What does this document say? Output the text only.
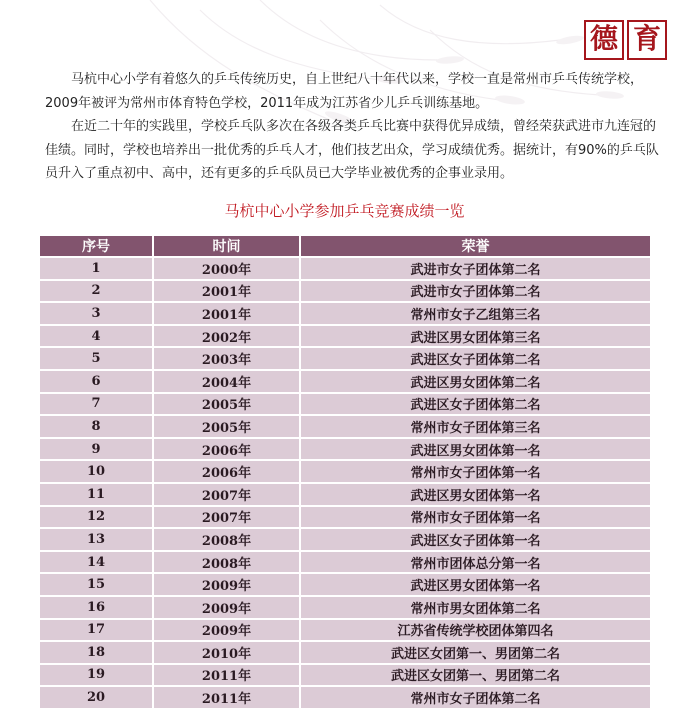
德 育

马杭中心小学有着悠久的乒乓传统历史，自上世纪八十年代以来，学校一直是常州市乒乓传统学校，2009年被评为常州市体育特色学校，2011年成为江苏省少儿乒乓训练基地。

在近二十年的实践里，学校乒乓队多次在各级各类乒乓比赛中获得优异成绩，曾经荣获武进市九连冠的佳绩。同时，学校也培养出一批优秀的乒乓人才，他们技艺出众，学习成绩优秀。据统计，有90%的乒乓队员升入了重点初中、高中，还有更多的乒乓队员已大学毕业被优秀的企事业录用。

马杭中心小学参加乒乓竞赛成绩一览
序号	时间	荣誉
1	2000年	武进市女子团体第二名
2	2001年	武进市女子团体第二名
3	2001年	常州市女子乙组第三名
4	2002年	武进区男女团体第三名
5	2003年	武进区女子团体第二名
6	2004年	武进区男女团体第二名
7	2005年	武进区女子团体第二名
8	2005年	常州市女子团体第三名
9	2006年	武进区男女团体第一名
10	2006年	常州市女子团体第一名
11	2007年	武进区男女团体第一名
12	2007年	常州市女子团体第一名
13	2008年	武进区女子团体第一名
14	2008年	常州市团体总分第一名
15	2009年	武进区男女团体第一名
16	2009年	常州市男女团体第二名
17	2009年	江苏省传统学校团体第四名
18	2010年	武进区女团第一、男团第二名
19	2011年	武进区女团第一、男团第二名
20	2011年	常州市女子团体第二名
